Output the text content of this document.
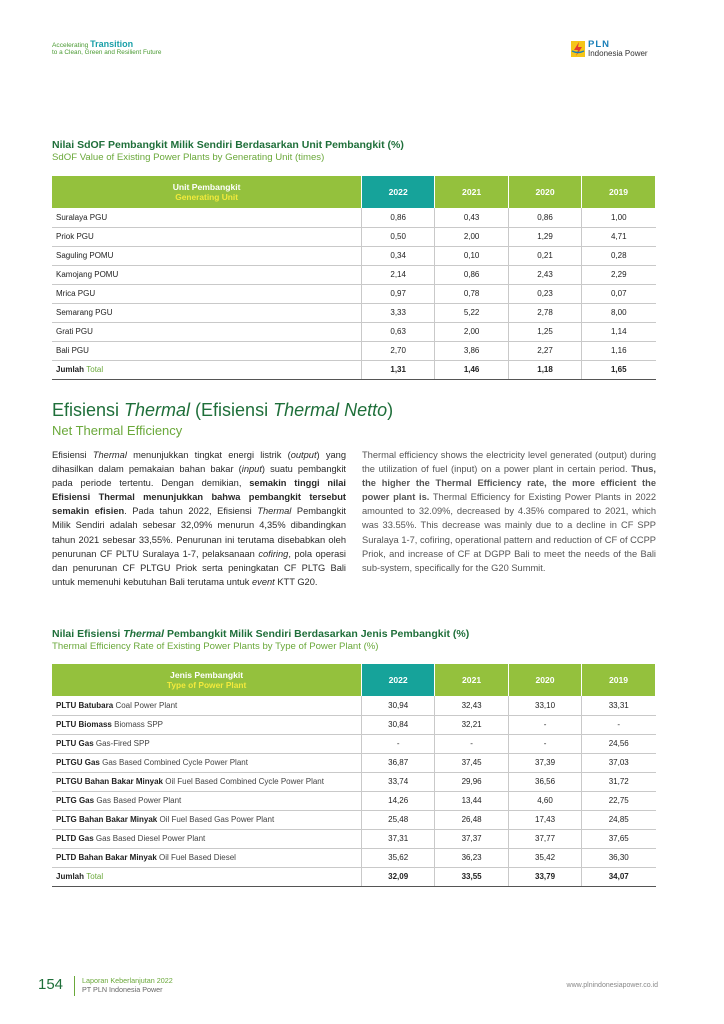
Accelerating Transition
to a Clean, Green and Resilient Future
PLN
Indonesia Power
Nilai SdOF Pembangkit Milik Sendiri Berdasarkan Unit Pembangkit (%)
SdOF Value of Existing Power Plants by Generating Unit (times)
Unit Pembangkit
Generating Unit	2022	2021	2020	2019
Suralaya PGU	0,86	0,43	0,86	1,00
Priok PGU	0,50	2,00	1,29	4,71
Saguling POMU	0,34	0,10	0,21	0,28
Kamojang POMU	2,14	0,86	2,43	2,29
Mrica PGU	0,97	0,78	0,23	0,07
Semarang PGU	3,33	5,22	2,78	8,00
Grati PGU	0,63	2,00	1,25	1,14
Bali PGU	2,70	3,86	2,27	1,16
Jumlah Total	1,31	1,46	1,18	1,65
Efisiensi Thermal (Efisiensi Thermal Netto)
Net Thermal Efficiency
Efisiensi Thermal menunjukkan tingkat energi listrik (output) yang dihasilkan dalam pemakaian bahan bakar (input) suatu pembangkit pada periode tertentu. Dengan demikian, semakin tinggi nilai Efisiensi Thermal menunjukkan bahwa pembangkit tersebut semakin efisien. Pada tahun 2022, Efisiensi Thermal Pembangkit Milik Sendiri adalah sebesar 32,09% menurun 4,35% dibandingkan tahun 2021 sebesar 33,55%. Penurunan ini terutama disebabkan oleh penurunan CF PLTU Suralaya 1-7, pelaksanaan cofiring, pola operasi dan penurunan CF PLTGU Priok serta peningkatan CF PLTG Bali untuk memenuhi kebutuhan Bali terutama untuk event KTT G20.
Thermal efficiency shows the electricity level generated (output) during the utilization of fuel (input) on a power plant in certain period. Thus, the higher the Thermal Efficiency rate, the more efficient the power plant is. Thermal Efficiency for Existing Power Plants in 2022 amounted to 32.09%, decreased by 4.35% compared to 2021, which was 33.55%. This decrease was mainly due to a decline in CF SPP Suralaya 1-7, cofiring, operational pattern and reduction of CF of CCPP Priok, and increase of CF at DGPP Bali to meet the needs of the Bali sub-system, specifically for the G20 Summit.
Nilai Efisiensi Thermal Pembangkit Milik Sendiri Berdasarkan Jenis Pembangkit (%)
Thermal Efficiency Rate of Existing Power Plants by Type of Power Plant (%)
Jenis Pembangkit
Type of Power Plant	2022	2021	2020	2019
PLTU Batubara Coal Power Plant	30,94	32,43	33,10	33,31
PLTU Biomass Biomass SPP	30,84	32,21	-	-
PLTU Gas Gas-Fired SPP	-	-	-	24,56
PLTGU Gas Gas Based Combined Cycle Power Plant	36,87	37,45	37,39	37,03
PLTGU Bahan Bakar Minyak Oil Fuel Based Combined Cycle Power Plant	33,74	29,96	36,56	31,72
PLTG Gas Gas Based Power Plant	14,26	13,44	4,60	22,75
PLTG Bahan Bakar Minyak Oil Fuel Based Gas Power Plant	25,48	26,48	17,43	24,85
PLTD Gas Gas Based Diesel Power Plant	37,31	37,37	37,77	37,65
PLTD Bahan Bakar Minyak Oil Fuel Based Diesel	35,62	36,23	35,42	36,30
Jumlah Total	32,09	33,55	33,79	34,07
154	Laporan Keberlanjutan 2022
PT PLN Indonesia Power	www.plnindonesiapower.co.id
